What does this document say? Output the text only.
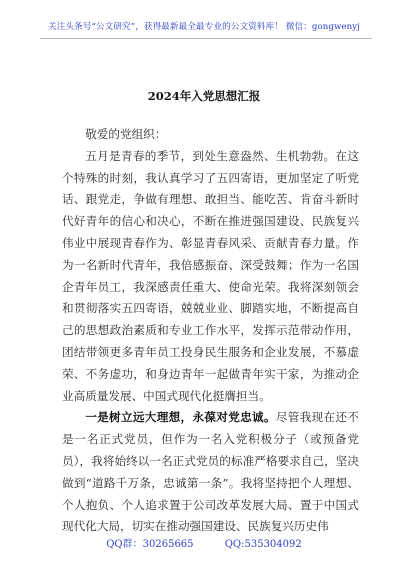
关注头条号“公文研究”，获得最新最全最专业的公文资料库！ 微信：gongwenyj
2024年入党思想汇报

敬爱的党组织：

五月是青春的季节，到处生意盎然、生机勃勃。在这个特殊的时刻，我认真学习了五四寄语，更加坚定了听党话、跟党走，争做有理想、敢担当、能吃苦、肯奋斗新时代好青年的信心和决心，不断在推进强国建设、民族复兴伟业中展现青春作为、彰显青春风采、贡献青春力量。作为一名新时代青年，我倍感振奋、深受鼓舞；作为一名国企青年员工，我深感责任重大、使命光荣。我将深刻领会和贯彻落实五四寄语，兢兢业业、脚踏实地，不断提高自己的思想政治素质和专业工作水平，发挥示范带动作用，团结带领更多青年员工投身民生服务和企业发展，不慕虚荣、不务虚功，和身边青年一起做青年实干家，为推动企业高质量发展、中国式现代化挺膺担当。

一是树立远大理想，永葆对党忠诚。尽管我现在还不是一名正式党员，但作为一名入党积极分子（或预备党员），我将始终以一名正式党员的标准严格要求自己，坚决做到“道路千万条，忠诚第一条”。我将坚持把个人理想、个人抱负、个人追求置于公司改革发展大局、置于中国式现代化大局，切实在推动强国建设、民族复兴历史伟

QQ群：30265665	QQ:535304092
